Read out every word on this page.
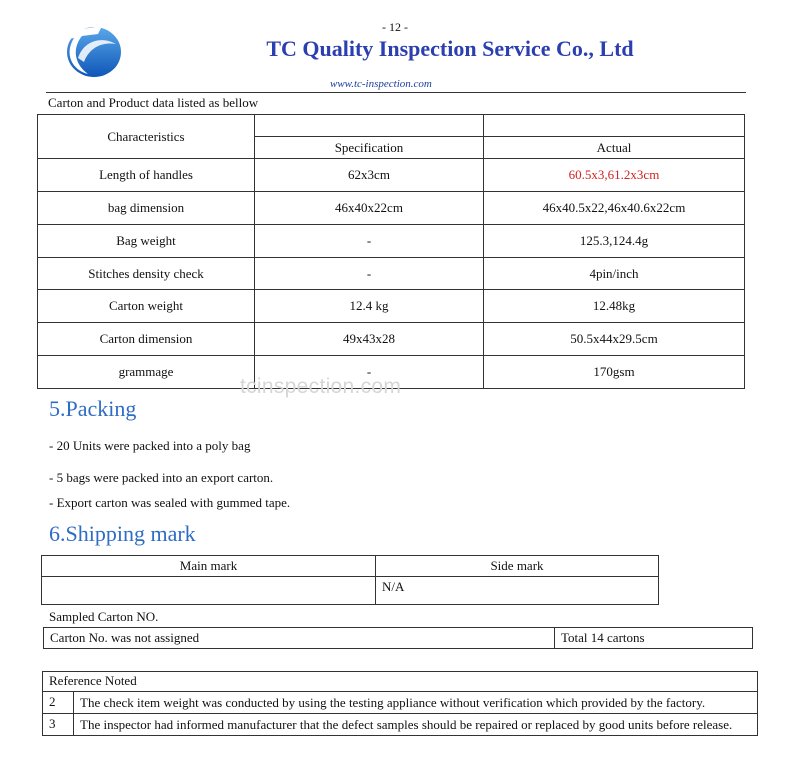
- 12 -
TC Quality Inspection Service Co., Ltd
www.tc-inspection.com
Carton and Product data listed as bellow
Characteristics		
	Specification	Actual
Length of handles	62x3cm	60.5x3,61.2x3cm
bag dimension	46x40x22cm	46x40.5x22,46x40.6x22cm
Bag weight	-	125.3,124.4g
Stitches density check	-	4pin/inch
Carton weight	12.4 kg	12.48kg
Carton dimension	49x43x28	50.5x44x29.5cm
grammage	-	170gsm
tcinspection.com
5.Packing
- 20 Units were packed into a poly bag
- 5 bags were packed into an export carton.
- Export carton was sealed with gummed tape.
6.Shipping mark
Main mark	Side mark
	N/A
Sampled Carton NO.
Carton No. was not assigned	Total 14 cartons
Reference Noted	
2	The check item weight was conducted by using the testing appliance without verification which provided by the factory.
3	The inspector had informed manufacturer that the defect samples should be repaired or replaced by good units before release.
